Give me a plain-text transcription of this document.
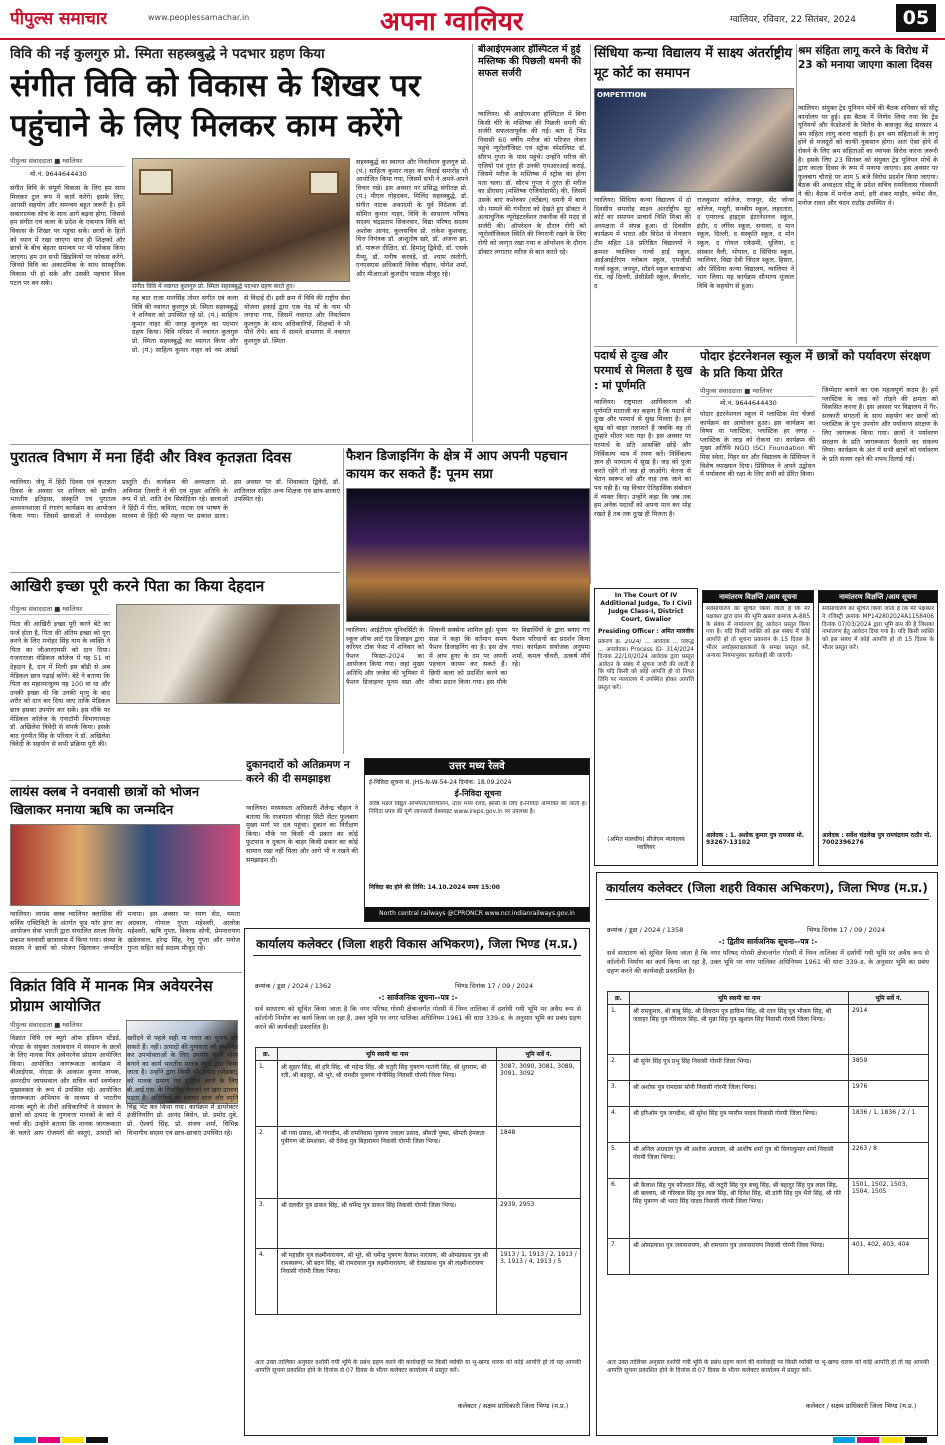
पीपुल्स समाचार	www.peoplessamachar.in	अपना ग्वालियर	ग्वालियर, रविवार, 22 सितंबर, 2024	05
विवि की नई कुलगुरु प्रो. स्मिता सहस्त्रबुद्धे ने पदभार ग्रहण किया
संगीत विवि को विकास के शिखर पर पहुंचाने के लिए मिलकर काम करेंगे
पीपुल्स संवाददाता ■ ग्वालियर
मो.नं. 9644644430
संगीत विवि के संपूर्ण विकास के लिए हम साथ मिलकर टुल रूप में कार्य करेंगे। इसके लिए, आपसी सहयोग और समन्वय बहुत जरूरी है। हमें सकारात्मक सोच के साथ आगे बढ़ना होगा, जिससे हम संगीत एवं कला के प्रदेश के एकमात्र विवि को विकास के शिखर पर पहुंचा सकें। छात्रों के हितों को ध्यान में रखा जाएगा साथ ही शिक्षकों और छात्रों के बीच बेहतर समन्वय पर भी फोकस किया जाएगा। हम उन सभी खिड़कियों पर फोकस करेंगे, जिनसे विवि का अकादमिक के साथ सांस्कृतिक विकास भी हो सके और उसकी पहचान विश्व पटल पर बन सके।	संगीत विवि में नवागत कुलगुरु प्रो. स्मिता सहस्त्रबुद्धे पदभार ग्रहण करते हुए।
यह बात राजा मानसिंह तोमर संगीत एवं कला विवि की नवागत कुलगुरु प्रो. स्मिता सहस्त्रबुद्धे ने शनिवार को उपस्थित रहे प्रो. (पं.) साहित्य कुमार नाहर की जगह कुलगुरु का पदभार ग्रहण किया। विवि परिसर में नवागत कुलगुरु प्रो. स्मिता सहस्त्रबुद्धे का स्वागत किया और प्रो. (पं.) साहित्य कुमार नाहर को नम आंखों से विदाई दी। इसी क्रम में विवि की राष्ट्रीय सेवा योजना इकाई द्वारा एक पेड़ माँ के नाम भी लगाया गया, जिसमें नवागत और निवर्तमान कुलगुरु के साथ अधिकारियों, शिक्षकों ने भी पौधे रोपे। बाद में सामने सभागार में नवागत कुलगुरु प्रो. स्मिता
सहस्त्रबुद्धे का स्वागत और निवर्तमान कुलगुरु प्रो. (पं.) साहित्य कुमार नाहर का विदाई समारोह भी आयोजित किया गया, जिसमें सभी ने अपने-अपने विचार रखे। इस अवसर पर प्रसिद्ध संगीतज्ञ प्रो. (पं.) पीएल गोहदकर, मिलिंद सहस्त्रबुद्धे, डॉ. संगीत नाटक अकादमी के पूर्व निदेशक डॉ. सोमित कुमार नाहर, विवि के साधारण परिषद सदस्य चंद्रप्रताप सिकरवार, विद्या परिषद सदस्य अशोक आनंद, कुलसचिव प्रो. राकेश कुशवाह, वित्त नियंत्रक डॉ. आशुतोष खरे, डॉ. अंजना झा, डॉ. पारूल दीक्षित, डॉ. हिमांशु द्विवेदी, डॉ. एसके मैथ्यू, डॉ. मनीष करवड़े, डॉ. श्याम रस्तोगी, एनएसएस अधिकारी विवेक चौहान, योगेश शर्मा, और मीआरओ कुलदीप पाठक मौजूद रहे।
बीआईएमआर हॉस्पिटल में हुई मस्तिष्क की पिछली धमनी की सफल सर्जरी
ग्वालियर। श्री आईएमआर हॉस्पिटल में बिना किसी चीरे के मस्तिष्क की पिछली धमनी की सर्जरी सफलतापूर्वक की गई। बता दें भिंड निवासी 60 वर्षीय मरीज को परिजन लेकर पहुंचे न्यूरोलॉजिस्ट एवं स्ट्रोक स्पेशलिस्ट डॉ. सौरभ गुप्ता के पास पहुंचे। उन्होंने मरीज की एंजियो एवं तुरंत ही उनकी एमआरआई कराई, जिसमें मरीज के मस्तिष्क में स्ट्रोक का होना पता चला। डॉ. सौरभ गुप्ता ने तुरंत ही मरीज का डीएसए (मस्तिष्क एंजियोग्राफी) की, जिसमें उसके बाएं कशेरुका (वर्टेब्रल) धमनी में बाधा थी। मामले की गंभीरता को देखते हुए डॉक्टर ने अत्याधुनिक न्यूरोइंटरवेंशन तकनीक की मदद से सर्जरी की। ऑपरेशन के दौरान रोगी को न्यूरोलॉजिकल स्थिति की निगरानी रखने के लिए रोगी को जागृत रखा गया व ऑपरेशन के दौरान डॉक्टर लगातार मरीज से बात करते रहे।
सिंधिया कन्या विद्यालय में साक्ष्य अंतर्राष्ट्रीय मूट कोर्ट का समापन
OMPETITION
ग्वालियर। सिंधिया कन्या विद्यालय में दो दिवसीय समारोह साक्ष्य अंतर्राष्ट्रीय मूट कोर्ट का समापन प्राचार्य निशि मिश्रा की अध्यक्षता में संपन्न हुआ। दो दिवसीय कार्यक्रम में भारत और विदेश से मेनजान टीम सहित 18 प्रतिष्ठित विद्यालयों ने क्रमशः ग्वालियर गर्ल्स हाई स्कूल, आईआईटीएम ग्लोबल स्कूल, एमजीडी गर्ल्स स्कूल, जयपुर, मॉडर्न स्कूल बाराखंभा रोड, नई दिल्ली, प्रेसीडेंसी स्कूल, बैंगलोर, द
राजकुमार कॉलेज, राजपुर, सेंट जोन्स कॉलेज, मसूरी, सनबीम स्कूल, लहरतारा, द एमराल्ड हाइट्स इंटरनेशनल स्कूल, इंदौर, द लॉरेंस स्कूल, सनावर, द मान स्कूल, दिल्ली, द संस्कृति स्कूल, द मोन स्कूल, द गोयल एकेडमी, धूलिया, द संस्कार वैली, भोपाल, द सिंधिया स्कूल, ग्वालियर, विद्या देवी जिंदल स्कूल, हिसार, और सिंधिया कन्या विद्यालय, ग्वालियर ने भाग लिया। यह कार्यक्रम सौभाग्य मूंजाल विवि के सहयोग से हुआ।
श्रम संहिता लागू करने के विरोध में 23 को मनाया जाएगा काला दिवस
ग्वालियर। संयुक्त ट्रेड यूनियन मोर्चे की बैठक शनिवार को सीटू कार्यालय पर हुई। इस बैठक में निर्णय लिया गया कि ट्रेड यूनियनों और फेडरेशनों के विरोध के बावजूद केंद्र सरकार 4 श्रम संहिता लागू करना चाहती है। इन श्रम संहिताओं के लागू होने से मजदूरों को काफी नुकसान होगा। अतः ऐसा होने से रोकने के लिए श्रम संहिताओं का व्यापक विरोध करना जरूरी है। इसके लिए 23 सितंबर को संयुक्त ट्रेड यूनियन मोर्चे के द्वारा काला दिवस के रूप में मनाया जाएगा। इस अवसर पर फूलबाग चौराहे पर शाम 5 बजे विरोध प्रदर्शन किया जाएगा। बैठक की अध्यक्षता सीटू के प्रदेश सचिव रामविलास गोस्वामी ने की। बैठक में मनोज शर्मा, हरी शंकर माहौर, रूपेश जैन, मनोज रावत और चंदन राठौड़ उपस्थित थे।
पदार्थ से दुःख और परमार्थ से मिलता है सुख : मां पूर्णमति
ग्वालियर। राष्ट्रमाता आर्यिकारत्न श्री पूर्णमति माताजी का कहना है कि पदार्थ से दुःख और परमार्थ से सुख मिलता है। हम सुख को बाहर तलाशते हैं जबकि वह तो तुम्हारे भीतर भरा पड़ा है। इस अवसर पर परमार्थ के प्रति आसक्ति छोड़ें और निर्विकल्प भाव में रमण करें। निर्विकल्प ज्ञान ही परमात्म में सुख है। जड़ को पूजा करते रहेंगे तो जड़ हो जाओगे। चेतना से चेतन स्वरूप को और नाहं तक जाने का पथ यही है। यह विचार ऐतिहासिक संबोधन में व्यक्त किए। उन्होंने कहा कि जब तक हम अनेक पदार्थों को अपना मान कर मोह रखते हैं तब तक दुःख ही मिलता है।
पोदार इंटरनेशनल स्कूल में छात्रों को पर्यावरण संरक्षण के प्रति किया प्रेरित
पीपुल्स संवाददाता ■ ग्वालियर
मो.नं. 9644644430
पोदार इंटरनेशनल स्कूल में प्लास्टिक मेरा चेंजर्स कार्यक्रम का आयोजन हुआ। इस कार्यक्रम का विषय था प्लास्टिक, प्लास्टिक हर जगह - प्लास्टिक के जाड़ को रोकना था। कार्यक्रम की मुख्य अतिथि NGO ISCI Foundation की मिस स्वेता, मिहर सर और विद्यालय के प्रिंसिपल ने विशेष व्याख्यान दिया। प्रिंसिपल ने अपने उद्बोधन में पर्यावरण की रक्षा के लिए सभी को प्रेरित किया।
जिम्मेदार बनाने का एक महत्वपूर्ण कदम है। हमें प्लास्टिक के जाड़ को तोड़ने की क्षमता को विकसित करना है। इस अवसर पर विद्यालय में गैर-सरकारी संगठनों के साथ सहयोग कर छात्रों को प्लास्टिक के पुनः उपयोग और पर्यावरण संरक्षण के लिए जागरूक किया गया। छात्रों ने पर्यावरण संरक्षण के प्रति जागरूकता फैलाने का संकल्प लिया। कार्यक्रम के अंत में सभी छात्रों को पर्यावरण के प्रति सजग रहने की शपथ दिलाई गई।
पुरातत्व विभाग में मना हिंदी और विश्व कृतज्ञता दिवस
ग्वालियर। जेयू में हिंदी दिवस एवं कृतज्ञता दिवस के अवसर पर शनिवार को प्राचीन भारतीय इतिहास, संस्कृति एवं पुरातत्व अध्ययनशाला में रंगारंग कार्यक्रम का आयोजन किया गया। जिसमें छात्राओं ने मनमोहक प्रस्तुति दी। कार्यक्रम की अध्यक्षता प्रो. अविनाश तिवारी ने की एवं मुख्य अतिथि के रूप में प्रो. शांति देव सिसोदिया रहे। छात्राओं ने हिंदी में गीत, कविता, नाटक एवं भाषण के माध्यम से हिंदी की महत्ता पर प्रकाश डाला। इस अवसर पर डॉ. शिवाकांत द्विवेदी, डॉ. शांतिलाल सहित अन्य शिक्षक एवं छात्र-छात्राएं उपस्थित रहे।
आखिरी इच्छा पूरी करने पिता का किया देहदान
पीपुल्स संवाददाता ■ ग्वालियर
पिता की आखिरी इच्छा पूरी करने बेटे का फर्ज होता है, पिता की अंतिम इच्छा को पूरा करने के लिए मनोहर सिंह नाम के व्यक्ति ने पिता का जीआरएमसी को दान दिया। गजराराजा मेडिकल कॉलेज में यह 51 वां देहदान है, दान में मिली इस बॉडी से अब मेडिकल छात्र पढ़ाई करेंगे। बेटे ने बताया कि पिता का महात्माजुल्म यह 100 वां था और उनकी इच्छा थी कि उनकी मृत्यु के बाद शरीर को दान कर दिया जाए ताकि मेडिकल छात्र इसका उपयोग कर सकें। इस मौके पर मेडिकल कॉलेज के एनाटॉमी विभागाध्यक्ष डॉ. अखिलेश त्रिवेदी से संपर्क किया। इसके बाद गुरमीत सिंह के परिवार ने डॉ. अखिलेश त्रिवेदी के सहयोग से सभी प्रक्रिया पूरी की।
फैशन डिजाइनिंग के क्षेत्र में आप अपनी पहचान कायम कर सकते हैं: पूनम सप्रा
ग्वालियर। आईटीएम यूनिवर्सिटी के स्कूल ऑफ आर्ट एंड डिजाइन द्वारा करियर टॉक फेस्ट में शनिवार को फैशन फिस्टा-2024 का आयोजन किया गया। जहां मुख्य अतिथि और जजेस की भूमिका में फैशन डिजाइनर पूनम सप्रा और शिवानी सक्सेना शामिल हुईं। पूनम सप्रा ने कहा कि वर्तमान समय फैशन डिजाइनिंग का है। इस क्षेत्र में आप हुनर के दम पर अपनी पहचान कायम कर सकते हैं। छिपी कला को प्रदर्शित करने का मौका प्रदान किया गया। इस मौके पर विद्यार्थियों के द्वारा बनाए गए फैशन परिधानों का प्रदर्शन किया गया। कार्यक्रम संयोजक अनुपमा शर्मा, कमल चौधरी, उत्कर्ष मौर्य रहे।
In The Court Of IV Additional Judge, To I Civil Judge Class-I, District Court, Gwalior
Presiding Officer : अमित मालवीय
प्रकरण क्र. 2024/ ... आवेदक ... विरुद्ध ... अनावेदक। Process ID- 314/2024 दिनांक 22/10/2024 आवेदक द्वारा प्रस्तुत आवेदन के संबंध में सूचना जारी की जाती है कि यदि किसी को कोई आपत्ति हो तो नियत तिथि पर न्यायालय में उपस्थित होकर आपत्ति प्रस्तुत करें।
(अमित मालवीय) सीजेएम न्यायालय ग्वालियर
नामांतरण विज्ञप्ति /आम सूचना
सर्वसाधारण को सूचित किया जाता है कि मेरे पक्षकार द्वारा ग्राम की भूमि खसरा क्रमांक A-885 के संबंध में नामांतरण हेतु आवेदन प्रस्तुत किया गया है। यदि किसी व्यक्ति को इस संबंध में कोई आपत्ति हो तो सूचना प्रकाशन के 15 दिवस के भीतर अधोहस्ताक्षरकर्ता के समक्ष प्रस्तुत करें, अन्यथा नियमानुसार कार्यवाही की जाएगी।
आवेदक : 1. अशोक कुमार पुत्र रामजस मो. 93267-13102
नामांतरण विज्ञप्ति /आम सूचना
सर्वसाधारण को सूचित किया जाता है कि मेरे पक्षकार ने रजिस्ट्री क्रमांक MP142802024A1158406 दिनांक 07/03/2024 द्वारा भूमि क्रय की है जिसका नामांतरण हेतु आवेदन दिया गया है। यदि किसी व्यक्ति को इस संबंध में कोई आपत्ति हो तो 15 दिवस के भीतर प्रस्तुत करें।
आवेदक : सर्वेश चंद्रलेख पुत्र रामचंद्रराम राठौर मो. 7002396276
लायंस क्लब ने वनवासी छात्रों को भोजन खिलाकर मनाया ऋषि का जन्मदिन
ग्वालियर। लायंस क्लब ग्वालियर क्लासिक की सर्विस एक्टिविटी के अंतर्गत फूड फॉर हंगर का आयोजन सेवा भारती द्वारा संचालित सरला विनोद प्रकाश वनवासी छात्रावास में किया गया। संस्था के सदस्य ने छात्रों को भोजन खिलाकर जन्मदिन मनाया। इस अवसर पर रमण सेठ, ममता अग्रवाल, गोपाल गुप्ता महेश्वरी, आलोक महेश्वरी, ऋषि गुप्ता, विकास सोनी, प्रेमनारायण खंडेलवाल, हरेन्द्र सिंह, रेणु गुप्ता और मनोज गुप्ता सहित कई सदस्य मौजूद रहे।
दुकानदारों को अतिक्रमण न करने की दी समझाइश
ग्वालियर। मध्यस्थता अधिकारी शैलेन्द्र चौहान ने बताया कि राजमाता चौराहा सिटी सेंटर फूलबाग मुख्य मार्ग पर दल पहुंचा। दुकान का निरीक्षण किया। मौके पर किसी भी प्रकार का कोई फुटपाथ व दुकान के बाहर किसी प्रकार का कोई सामान रखा नहीं मिला और आगे भी न रखने की समझाइश दी।
उत्तर मध्य रेलवे
ई-निविदा सूचना सं. JHS-N-W-54-24 दिनांक: 18.09.2024
ई-निविदा सूचना
वरिष्ठ मंडल विद्युत अभियंता/परिचालन, उत्तर मध्य रेलवे, झांसी के लिए ई-निविदा आमंत्रित की जाती है। निविदा प्रपत्र की पूर्ण जानकारी वेबसाइट www.ireps.gov.in पर उपलब्ध है।
निविदा बंद होने की तिथि: 14.10.2024 समय 15:00
North central railways @CPRONCR www.ncr.indianrailways.gov.in
विक्रांत विवि में मानक मित्र अवेयरनेस प्रोग्राम आयोजित
पीपुल्स संवाददाता ■ ग्वालियर
विक्रांत विवि एवं ब्यूरो ऑफ इंडियन स्टैंडर्ड, नोएडा के संयुक्त तत्वावधान में संस्थान के छात्रों के लिए मानक मित्र अवेयरनेस प्रोग्राम आयोजित किया। आयोजित जागरूकता कार्यक्रम में बीआईएस, नोएडा के आकाश कुमार नायक, अमरदीप जायसवाल और सचिन वर्मा स्वर्णकार मुख्यवक्ता के रूप में उपस्थित रहे। आयोजित जागरूकता अभियान के माध्यम से भारतीय मानक ब्यूरो के तीनों अधिकारियों ने संस्थान के छात्रों को उत्पाद के गुणवत्ता मानकों के बारे में चर्चा की। उन्होंने बताया कि मानक जागरूकता के चलते आप रोजमर्रा की वस्तुएं, उत्पादों को खरीदने से पहले सही या गलत का चुनाव कर सकते हैं। नहीं। उत्पादों की गुणवत्ता को प्रमाणित कर उपभोक्ताओं के लिए उपयोग करने योग्य बनाने का कार्य भारतीय मानक ब्यूरो द्वारा किया जाता है। उन्होंने द्वारा किसी भी उत्पाद (प्रोडक्ट) को मानक प्रमाण पत्र हासिल करने के लिए बी.आई.एस. के निर्धारित मानकों पर खरा उतरना पड़ता है। अतिथियों का स्वागत शाल और स्मृति चिह्न भेंट कर किया गया। कार्यक्रम में डायरेक्टर इंजीनियरिंग प्रो. आनंद बिसेन, प्रो. प्रमोद दुबे, प्रो. ऐश्वर्य सिंह, प्रो. संजय शर्मा, विभिन्न विभागीय सदस्य एवं छात्र-छात्राएं उपस्थित रहे।
कार्यालय कलेक्टर (जिला शहरी विकास अभिकरण), जिला भिण्ड (म.प्र.)
क्रमांक / डूडा / 2024 / 1362	भिण्ड दिनांक 17 / 09 / 2024
-: सार्वजनिक सूचना--पत्र :-
सर्व साधारण को सूचित किया जाता है कि नगर परिषद गोरमी क्षेत्रान्तर्गत गोरमी में निम्न तालिका में दर्शायी गयी भूमि पर अवैध रूप से कॉलोनी निर्माण का कार्य किया जा रहा है, उक्त भूमि पर नगर पालिका अधिनियम 1961 की धारा 339-ड. के अनुसार भूमि का प्रबंध ग्रहण करने की कार्यवाही प्रस्तावित है।
क्र.	भूमि स्वामी का नाम	भूमि सर्वे नं.
1.	श्री सुहार सिंह, श्री हरि सिंह, श्री महेन्द्र सिंह, श्री चतुरी सिंह पुत्रगण पातंगी सिंह, श्री धुराराम, श्री रती, श्री बहादुर, श्री भूरे, श्री रामवीर पुत्रगण गोपीसिंह निवासी गोरमी जिला भिण्ड।	3087, 3090, 3081, 3089, 3091, 3092
2.	श्री गया प्रसाद, श्री गंगादीन, श्री रामनिवास पुत्रगण ज्वाला प्रसाद, श्रीमती पुष्पा, श्रीमती हेमलता पुत्रीगण श्री प्रेमशंकर, श्री देवेन्द्र पुत्र बिहारामन निवासी गोरमी जिला भिण्ड।	1848
3.	श्री दलवीर पुत्र डाकन सिंह, श्री धर्मेन्द्र पुत्र डाकन सिंह निवासी गोरमी जिला भिण्ड।	2939, 2953
4.	श्री महावीर पुत्र लक्ष्मीनारायण, श्री भूरे, श्री धर्मेन्द्र पुत्रगण कैलाश नारायण, श्री ओमप्रकाश पुत्र श्री रामस्वरूप, श्री बदन सिंह, श्री रामदयाल पुत्र लक्ष्मीनारायण, श्री देवप्रकाश पुत्र श्री लक्ष्मीनारायण निवासी गोरमी जिला भिण्ड।	1913 / 1, 1913 / 2, 1913 / 3, 1913 / 4, 1913 / 5
अतः उक्त तालिका अनुसार दर्शायी गयी भूमि के प्रबंध ग्रहण करने की कार्यवाही पर किसी व्यक्ति या भू-खण्ड धारक को कोई आपत्ति हो तो यह आपकी आपत्ति सूचना प्रकाशित होने के दिनांक से 07 दिवस के भीतर कलेक्टर कार्यालय में प्रस्तुत करें।
कलेक्टर / सक्षम प्राधिकारी जिला भिण्ड (म.प्र.)
कार्यालय कलेक्टर (जिला शहरी विकास अभिकरण), जिला भिण्ड (म.प्र.)
क्रमांक / डूडा / 2024 / 1358	भिण्ड दिनांक 17 / 09 / 2024
-: द्वितीय सार्वजनिक सूचना--पत्र :-
सर्व साधारण को सूचित किया जाता है कि नगर परिषद गोरमी क्षेत्रान्तर्गत गोरमी में निम्न तालिका में दर्शायी गयी भूमि पर अवैध रूप से कॉलोनी निर्माण का कार्य किया जा रहा है, उक्त भूमि पर नगर पालिका अधिनियम 1961 की धारा 339-ड. के अनुसार भूमि का प्रबंध ग्रहण करने की कार्यवाही प्रस्तावित है।
क्र.	भूमि स्वामी का नाम	भूमि सर्वे नं.
1.	श्री रामकुमार, श्री बाबू सिंह, श्री शिवराम पुत्र हाकिम सिंह, श्री रतन सिंह पुत्र भीकम सिंह, श्री जवाहर सिंह पुत्र गौरेलाल सिंह, श्री मुन्ना सिंह पुत्र खुशाल सिंह निवासी गोरमी जिला भिण्ड।	2914
2.	श्री सुनेर सिंह पुत्र प्रभु सिंह निवासी गोरमी जिला भिण्ड।	3859
3.	श्री अशोक पुत्र रामदास सोनी निवासी गोरमी जिला भिण्ड।	1976
4.	श्री हरिओम पुत्र जगदीश, श्री सुरेश सिंह पुत्र प्यारीन यादव निवासी गोरमी जिला भिण्ड।	1836 / 1, 1836 / 2 / 1
5.	श्री अनिल अग्रवाल पुत्र श्री अशोक अग्रवाल, श्री आशीष शर्मा पुत्र श्री विनयकुमार शर्मा निवासी गोरमी जिला भिण्ड।	2263 / 8
6.	श्री कैलाश सिंह पुत्र फौजदार सिंह, श्री लटूरी सिंह पुत्र बच्चू सिंह, श्री बहादुर सिंह पुत्र लाल सिंह, श्री बल्लाम, श्री गोरेलाल सिंह पुत्र लाल सिंह, श्री दिनेश सिंह, श्री डांगी सिंह पुत्र भैरो सिंह, श्री गोरे सिंह पुत्रगण श्री भरत सिंह यादव निवासी गोरमी जिला भिण्ड।	1501, 1502, 1503, 1504, 1505
7.	श्री ओमप्रकाश पुत्र जयनारायण, श्री रामचरन पुत्र जयनारायण निवासी गोरमी जिला भिण्ड।	401, 402, 403, 404
अतः उक्त तालिका अनुसार दर्शायी गयी भूमि के प्रबंध ग्रहण करने की कार्यवाही पर किसी व्यक्ति या भू-खण्ड धारक को कोई आपत्ति हो तो यह आपकी आपत्ति सूचना प्रकाशित होने के दिनांक से 07 दिवस के भीतर कलेक्टर कार्यालय में प्रस्तुत करें।
कलेक्टर / सक्षम प्राधिकारी जिला भिण्ड (म.प्र.)
